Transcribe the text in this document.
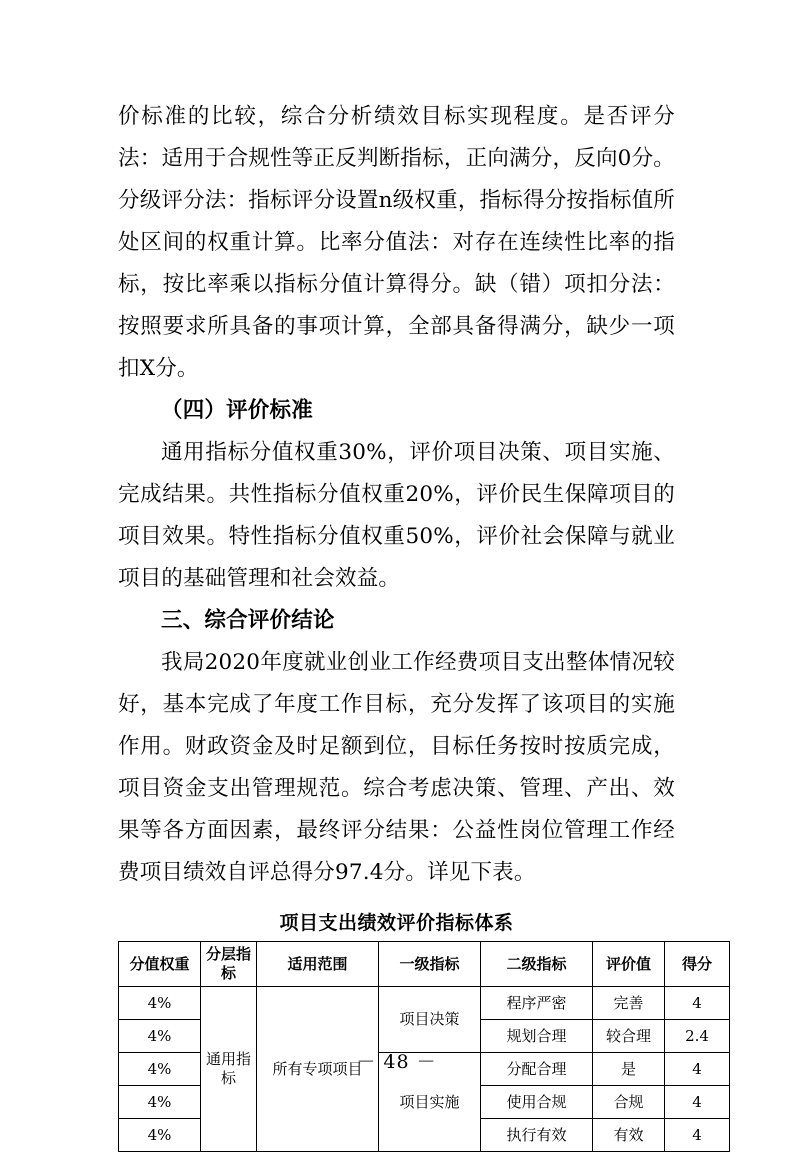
价标准的比较，综合分析绩效目标实现程度。是否评分法：适用于合规性等正反判断指标，正向满分，反向0分。分级评分法：指标评分设置n级权重，指标得分按指标值所处区间的权重计算。比率分值法：对存在连续性比率的指标，按比率乘以指标分值计算得分。缺（错）项扣分法：按照要求所具备的事项计算，全部具备得满分，缺少一项扣X分。

（四）评价标准

通用指标分值权重30%，评价项目决策、项目实施、完成结果。共性指标分值权重20%，评价民生保障项目的项目效果。特性指标分值权重50%，评价社会保障与就业项目的基础管理和社会效益。

三、综合评价结论

我局2020年度就业创业工作经费项目支出整体情况较好，基本完成了年度工作目标，充分发挥了该项目的实施作用。财政资金及时足额到位，目标任务按时按质完成，项目资金支出管理规范。综合考虑决策、管理、产出、效果等各方面因素，最终评分结果：公益性岗位管理工作经费项目绩效自评总得分97.4分。详见下表。

项目支出绩效评价指标体系
分值权重	分层指标	适用范围	一级指标	二级指标	评价值	得分
4%	通用指标	所有专项项目	项目决策	程序严密	完善	4
4%				规划合理	较合理	2.4
4%			项目实施	分配合理	是	4
4%				使用合规	合规	4
4%				执行有效	有效	4
－ 48 －
